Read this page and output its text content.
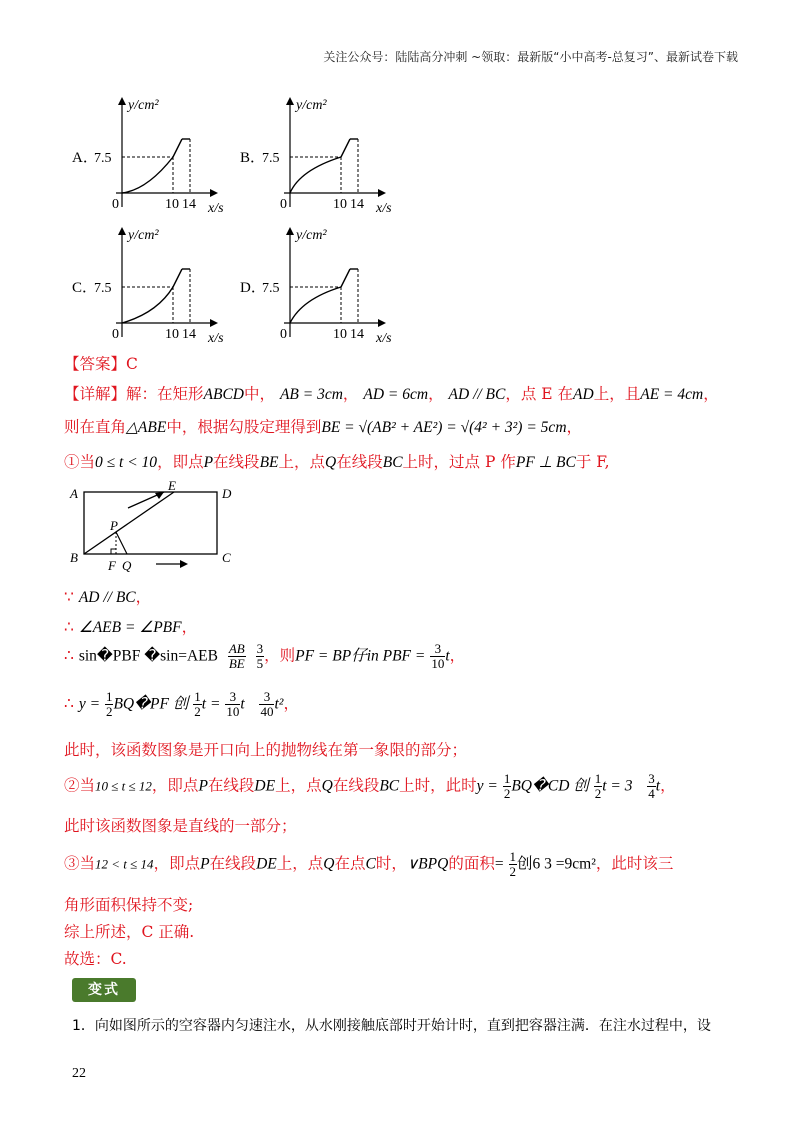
关注公众号：陆陆高分冲刺 ~领取：最新版“小中高考-总复习”、最新试卷下载
A．
7.5
y/cm²
0	10 14 x/s
B．
7.5
y/cm²
0	10 14 x/s
C．
7.5
y/cm²
0	10 14 x/s
D．
7.5
y/cm²
0	10 14 x/s
【答案】C
【详解】解：在矩形ABCD中， AB = 3cm， AD = 6cm， AD // BC，点 E 在AD上，且AE = 4cm，
则在直角△ABE中，根据勾股定理得到BE = √(AB² + AE²) = √(4² + 3²) = 5cm，
①当0 ≤ t < 10，即点P在线段BE上，点Q在线段BC上时，过点 P 作PF ⊥ BC于 F,
A	D
B	C
E
P
F Q
∵ AD // BC，
∴ ∠AEB = ∠PBF，
∴ sin�PBF �sin=AEB $\frac{AB}{BE}$
$\frac{3}{5}$ ，则PF = BP仔in PBF = $\frac{3}{10}$ t，
∴ $y = \frac{1}{2}$ BQ�PF 创 $\frac{1}{2}$ $t = \frac{3}{10}$ t $\frac{3}{40} t^2$，
此时，该函数图象是开口向上的抛物线在第一象限的部分；
②当10 ≤ t ≤ 12，即点P在线段DE上，点Q在线段BC上时，此时$y = \frac{1}{2}$ BQ�CD 创 $\frac{1}{2}$ $t = 3 \frac{3}{4}$ t，
此时该函数图象是直线的一部分；
③当12 < t ≤ 14，即点P在线段DE上，点Q在点C时，∨BPQ的面积= $\frac{1}{2}$ 创6 3 =9cm²，此时该三
角形面积保持不变;
综上所述，C 正确.
故选：C.
变式
1．向如图所示的空容器内匀速注水，从水刚接触底部时开始计时，直到把容器注满．在注水过程中，设
22
